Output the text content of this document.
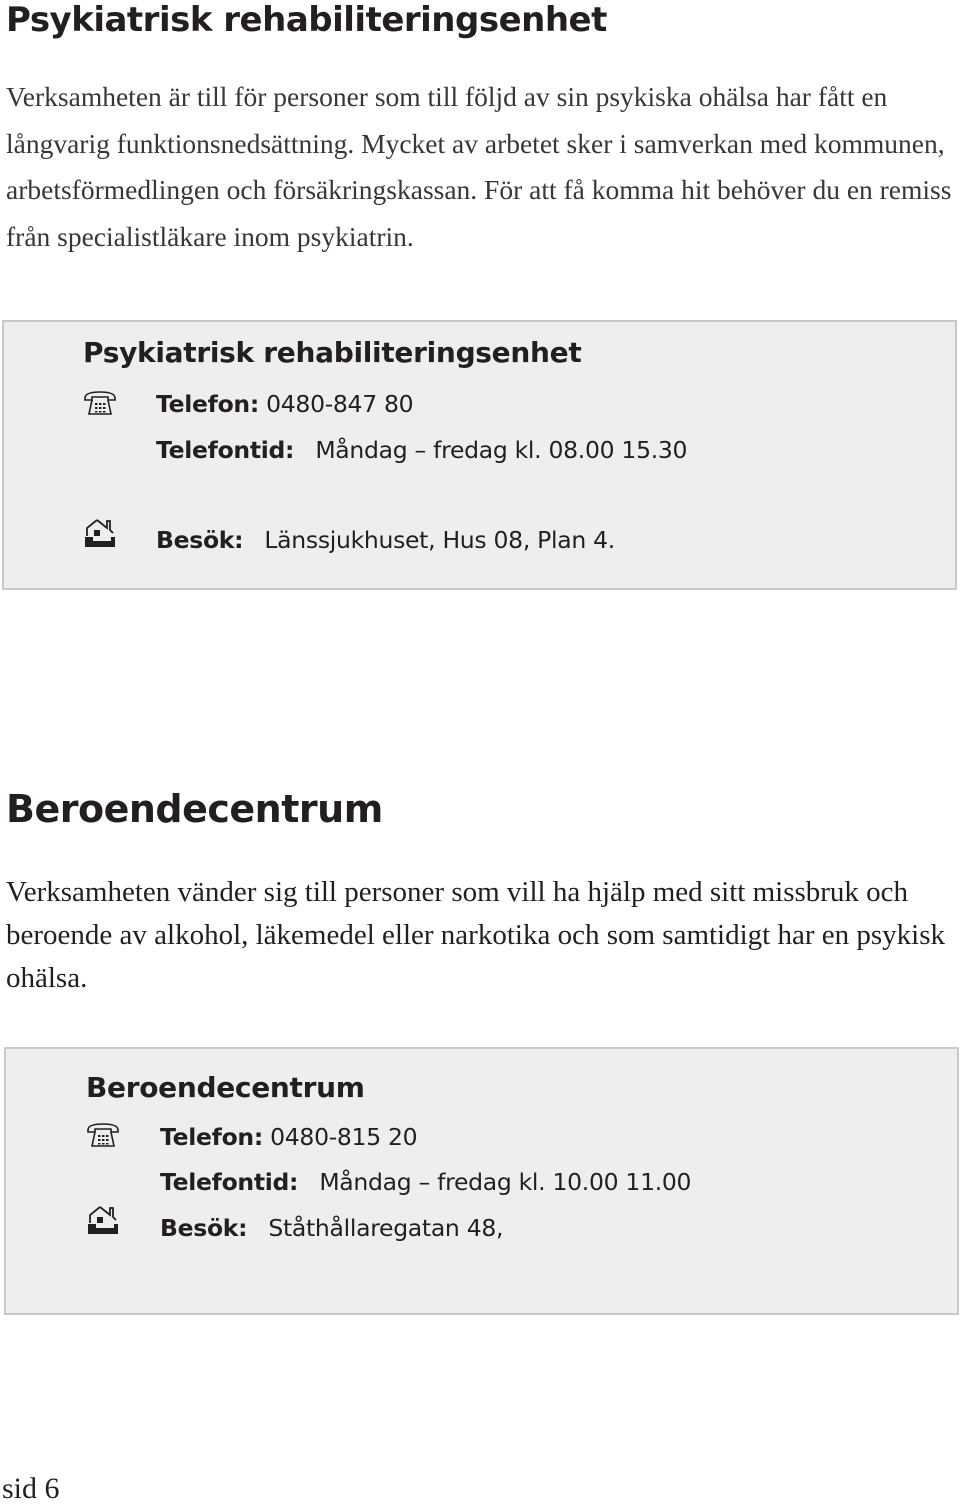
Psykiatrisk rehabiliteringsenhet

Verksamheten är till för personer som till följd av sin psykiska ohälsa har fått en långvarig funktionsnedsättning. Mycket av arbetet sker i samverkan med kommunen, arbetsförmedlingen och försäkringskassan. För att få komma hit behöver du en remiss från specialistläkare inom psykiatrin.

Psykiatrisk rehabiliteringsenhet
Telefon: 0480-847 80
Telefontid: Måndag – fredag kl. 08.00 15.30
Besök: Länssjukhuset, Hus 08, Plan 4.
Beroendecentrum

Verksamheten vänder sig till personer som vill ha hjälp med sitt missbruk och beroende av alkohol, läkemedel eller narkotika och som samtidigt har en psykisk ohälsa.

Beroendecentrum
Telefon: 0480-815 20
Telefontid: Måndag – fredag kl. 10.00 11.00
Besök: Ståthållaregatan 48,
sid 6
